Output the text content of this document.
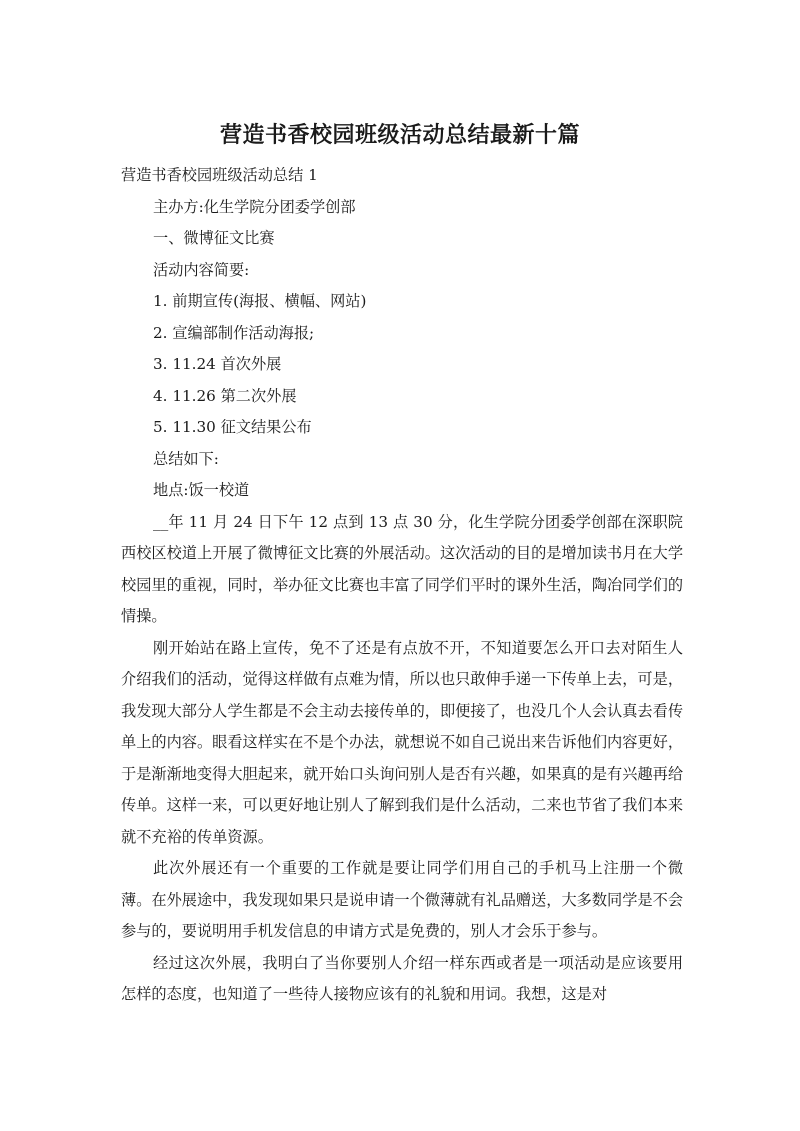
营造书香校园班级活动总结最新十篇

营造书香校园班级活动总结 1

主办方:化生学院分团委学创部

一、微博征文比赛

活动内容简要:

1. 前期宣传(海报、横幅、网站)

2. 宣编部制作活动海报;

3. 11.24 首次外展

4. 11.26 第二次外展

5. 11.30 征文结果公布

总结如下:

地点:饭一校道

__年 11 月 24 日下午 12 点到 13 点 30 分，化生学院分团委学创部在深职院西校区校道上开展了微博征文比赛的外展活动。这次活动的目的是增加读书月在大学校园里的重视，同时，举办征文比赛也丰富了同学们平时的课外生活，陶冶同学们的情操。

刚开始站在路上宣传，免不了还是有点放不开，不知道要怎么开口去对陌生人介绍我们的活动，觉得这样做有点难为情，所以也只敢伸手递一下传单上去，可是，我发现大部分人学生都是不会主动去接传单的，即便接了，也没几个人会认真去看传单上的内容。眼看这样实在不是个办法，就想说不如自己说出来告诉他们内容更好，于是渐渐地变得大胆起来，就开始口头询问别人是否有兴趣，如果真的是有兴趣再给传单。这样一来，可以更好地让别人了解到我们是什么活动，二来也节省了我们本来就不充裕的传单资源。

此次外展还有一个重要的工作就是要让同学们用自己的手机马上注册一个微薄。在外展途中，我发现如果只是说申请一个微薄就有礼品赠送，大多数同学是不会参与的，要说明用手机发信息的申请方式是免费的，别人才会乐于参与。

经过这次外展，我明白了当你要别人介绍一样东西或者是一项活动是应该要用怎样的态度，也知道了一些待人接物应该有的礼貌和用词。我想，这是对
